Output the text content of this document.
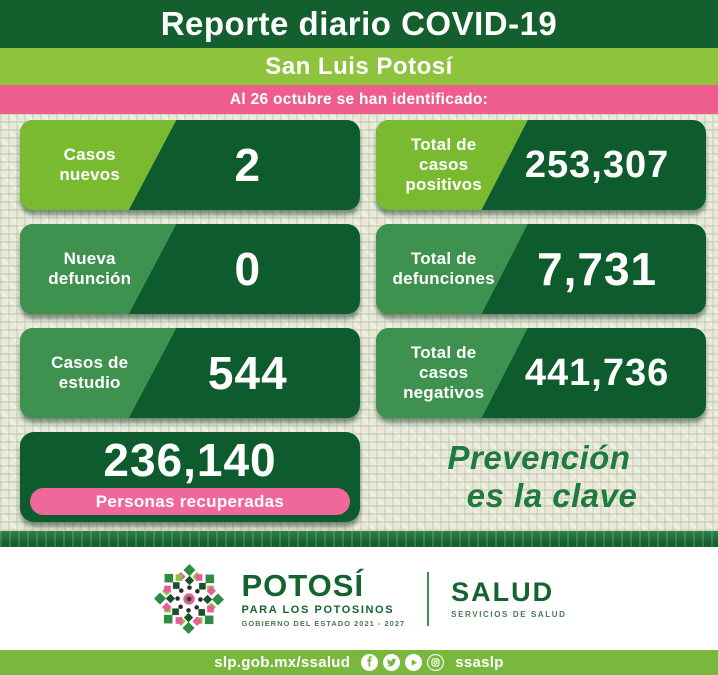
Reporte diario COVID-19
San Luis Potosí
Al 26 octubre se han identificado:
Casos nuevos	2	Total de casos positivos	253,307
Nueva defunción	0	Total de defunciones 7,731
Casos de estudio	544	Total de casos negativos	441,736
236,140
Personas recuperadas
Prevención
es la clave
POTOSÍ
PARA LOS POTOSINOS
GOBIERNO DEL ESTADO 2021 - 2027
SALUD
SERVICIOS DE SALUD
slp.gob.mx/ssalud	ssaslp
